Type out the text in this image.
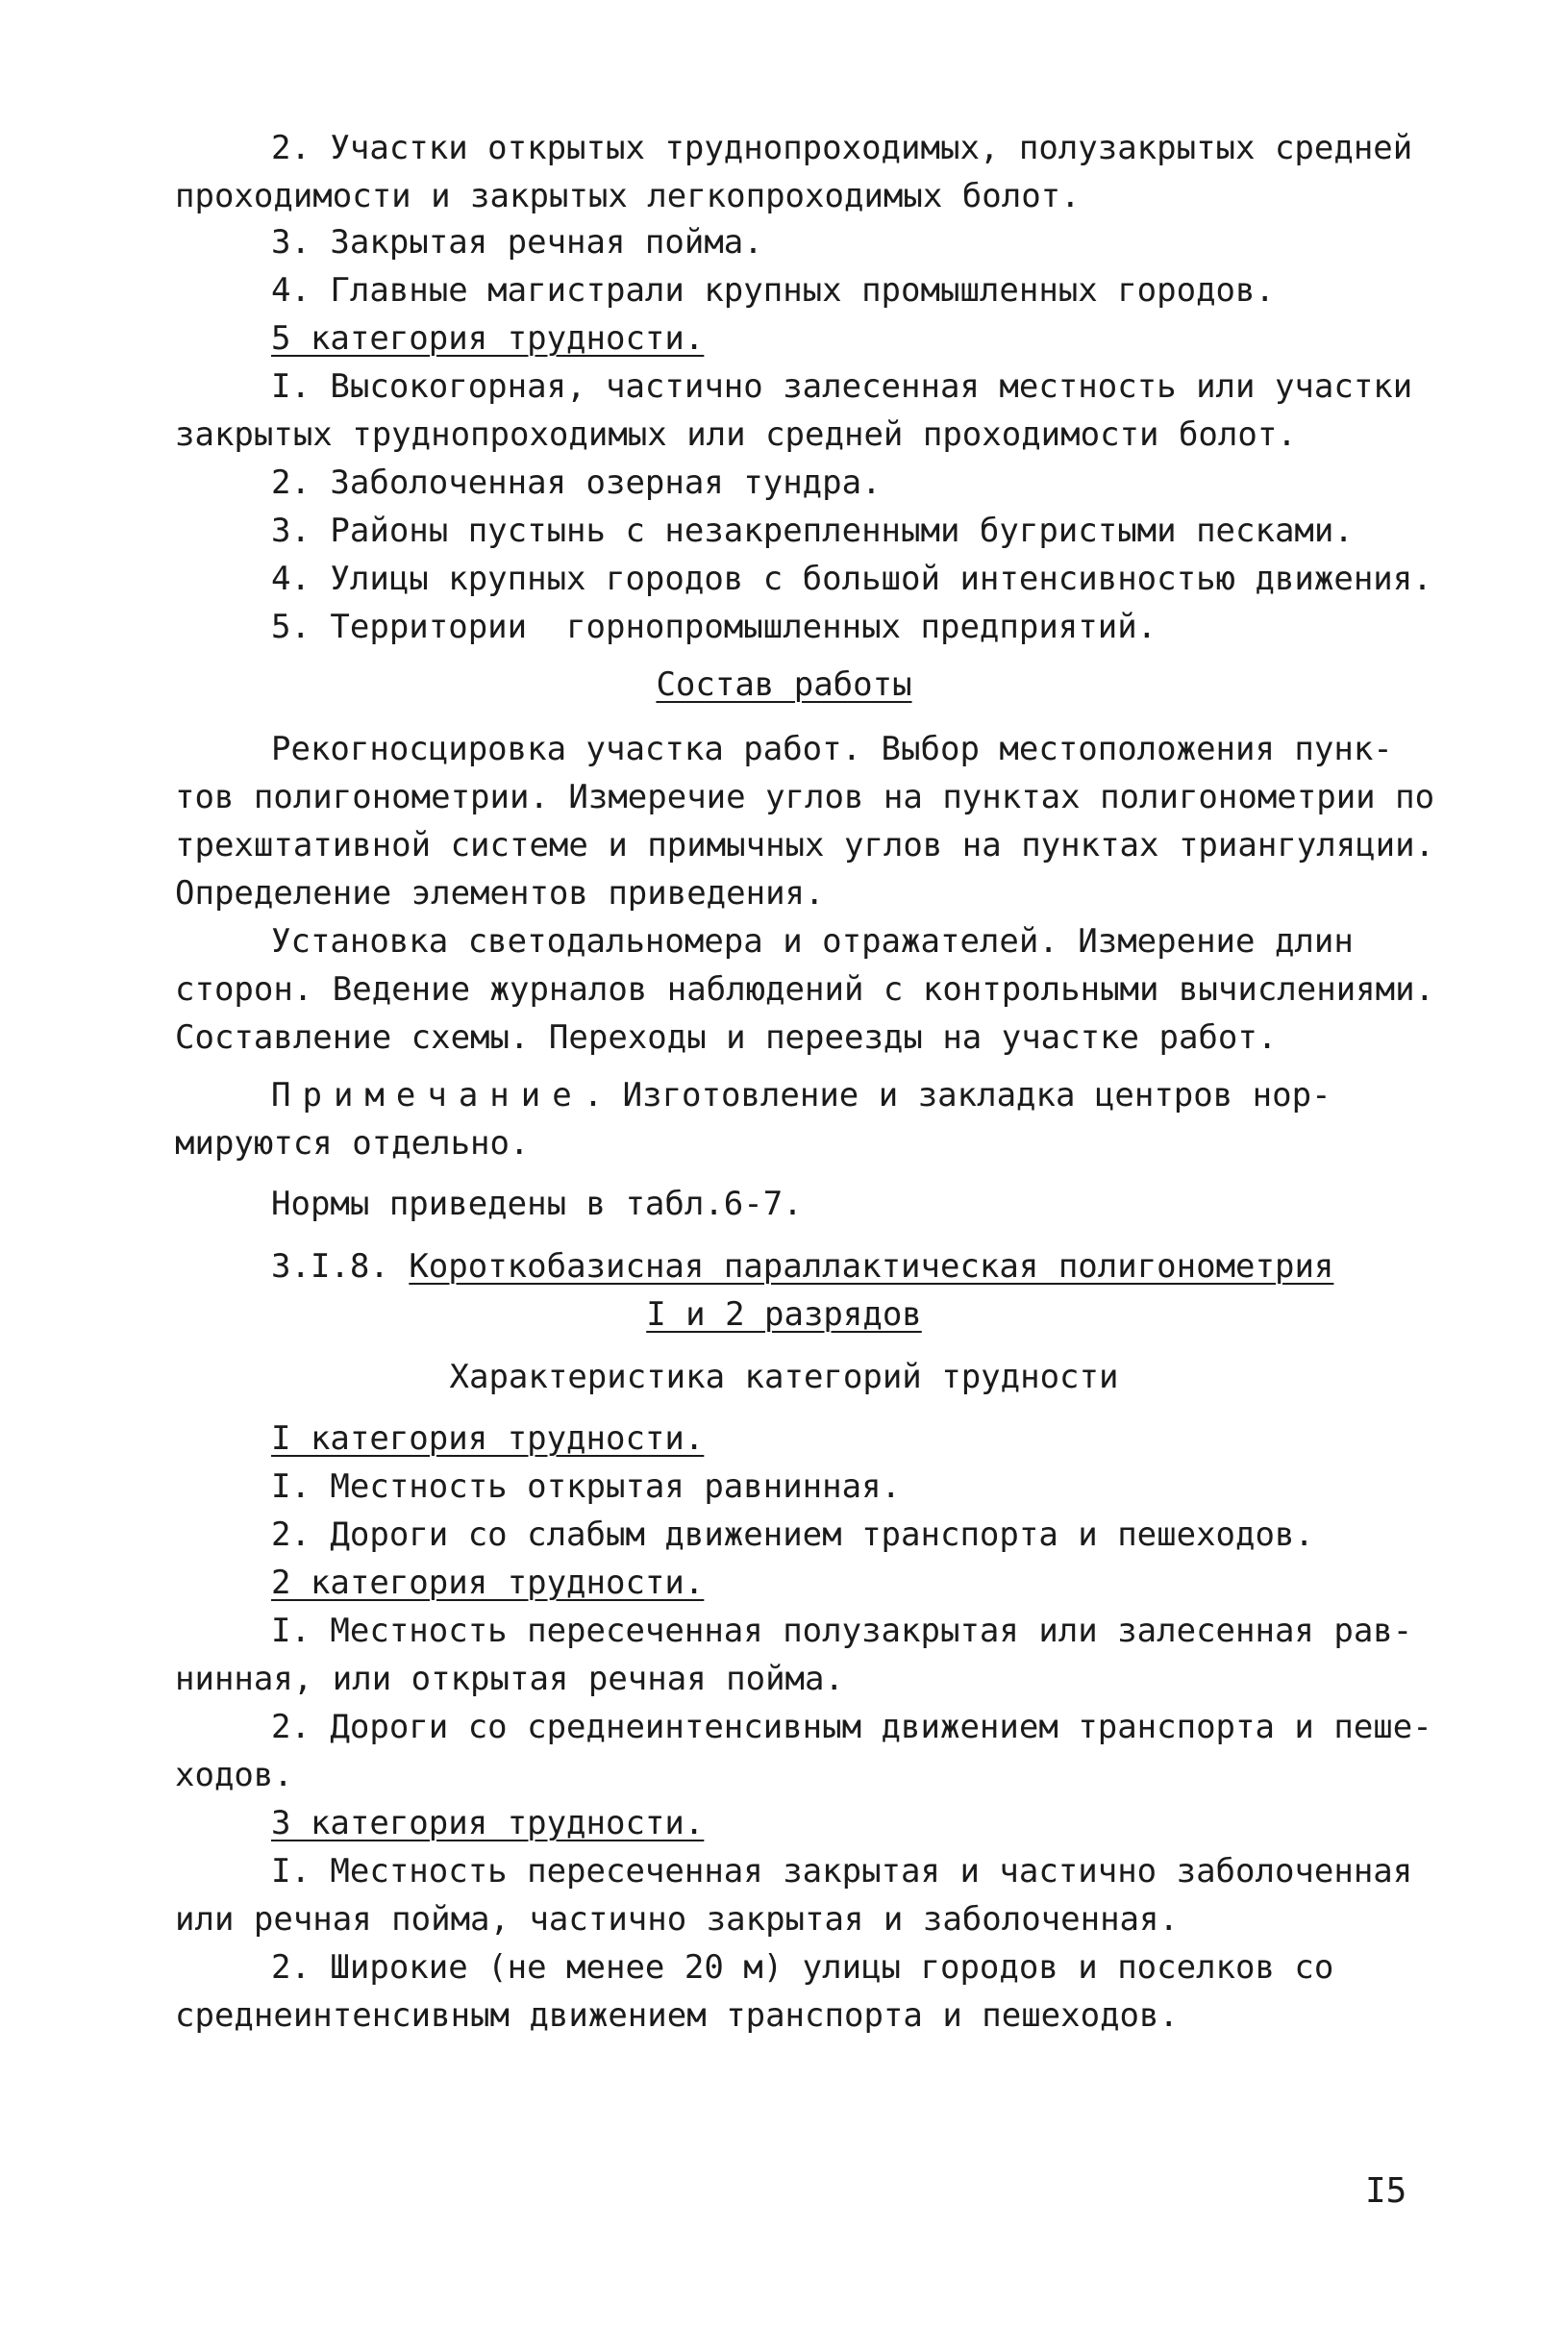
2. Участки открытых труднопроходимых, полузакрытых средней
проходимости и закрытых легкопроходимых болот.
3. Закрытая речная пойма.
4. Главные магистрали крупных промышленных городов.
5 категория трудности.
I. Высокогорная, частично залесенная местность или участки
закрытых труднопроходимых или средней проходимости болот.
2. Заболоченная озерная тундра.
3. Районы пустынь с незакрепленными бугристыми песками.
4. Улицы крупных городов с большой интенсивностью движения.
5. Территории  горнопромышленных предприятий.
Состав работы
Рекогносцировка участка работ. Выбор местоположения пунк-
тов полигонометрии. Измеречие углов на пунктах полигонометрии по
трехштативной системе и примычных углов на пунктах триангуляции.
Определение элементов приведения.
Установка светодальномера и отражателей. Измерение длин
сторон. Ведение журналов наблюдений с контрольными вычислениями.
Составление схемы. Переходы и переезды на участке работ.
Примечание. Изготовление и закладка центров нор-
мируются отдельно.
Нормы приведены в табл.6-7.
3.I.8. Короткобазисная параллактическая полигонометрия
I и 2 разрядов
Характеристика категорий трудности
I категория трудности.
I. Местность открытая равнинная.
2. Дороги со слабым движением транспорта и пешеходов.
2 категория трудности.
I. Местность пересеченная полузакрытая или залесенная рав-
нинная, или открытая речная пойма.
2. Дороги со среднеинтенсивным движением транспорта и пеше-
ходов.
3 категория трудности.
I. Местность пересеченная закрытая и частично заболоченная
или речная пойма, частично закрытая и заболоченная.
2. Широкие (не менее 20 м) улицы городов и поселков со
среднеинтенсивным движением транспорта и пешеходов.
I5
